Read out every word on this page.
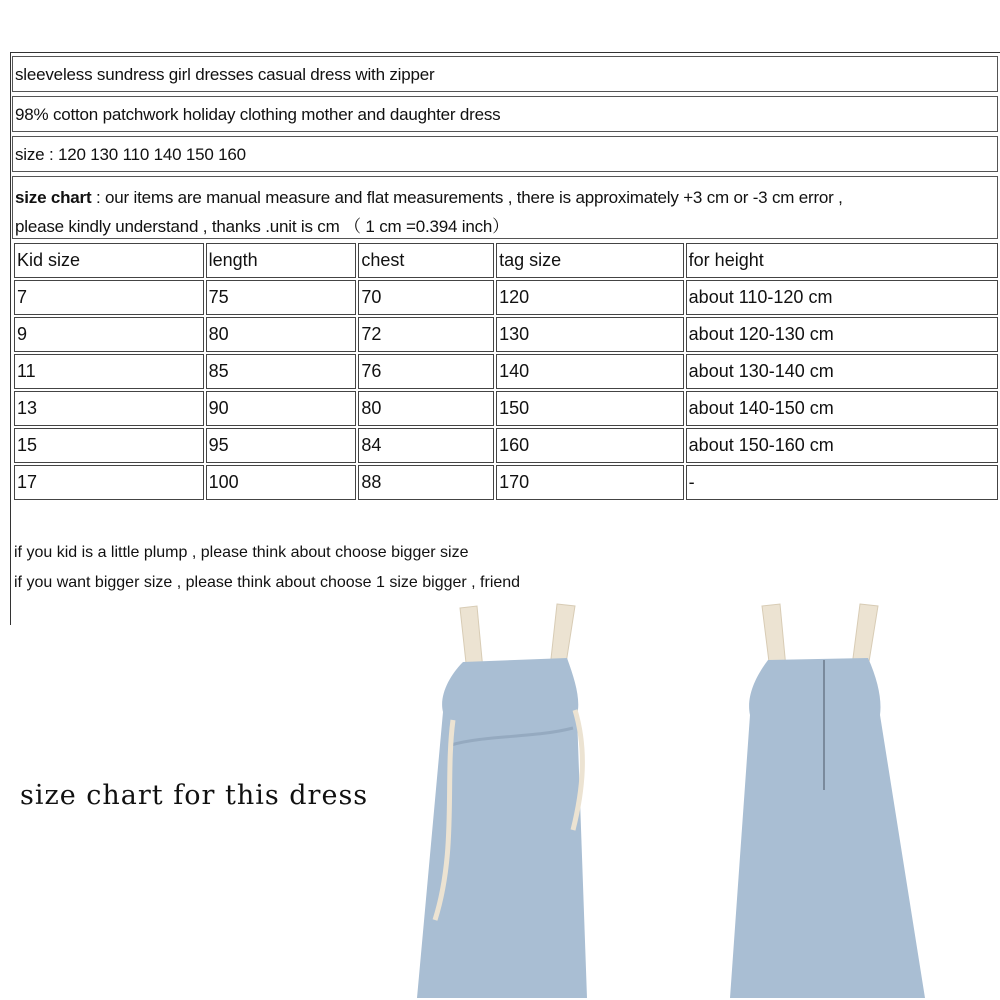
sleeveless sundress girl dresses casual dress with zipper
98% cotton patchwork holiday clothing mother and daughter dress
size : 120 130 110 140 150 160
size chart : our items are manual measure and flat measurements , there is approximately +3 cm or -3 cm error ,
please kindly understand , thanks .unit is cm （ 1 cm =0.394 inch）
Kid size	length	chest	tag size	for height
7	75	70	120	about 110-120 cm
9	80	72	130	about 120-130 cm
11	85	76	140	about 130-140 cm
13	90	80	150	about 140-150 cm
15	95	84	160	about 150-160 cm
17	100	88	170	-
if you kid is a little plump , please think about choose bigger size
if you want bigger size , please think about choose 1 size bigger , friend
size chart for this dress
